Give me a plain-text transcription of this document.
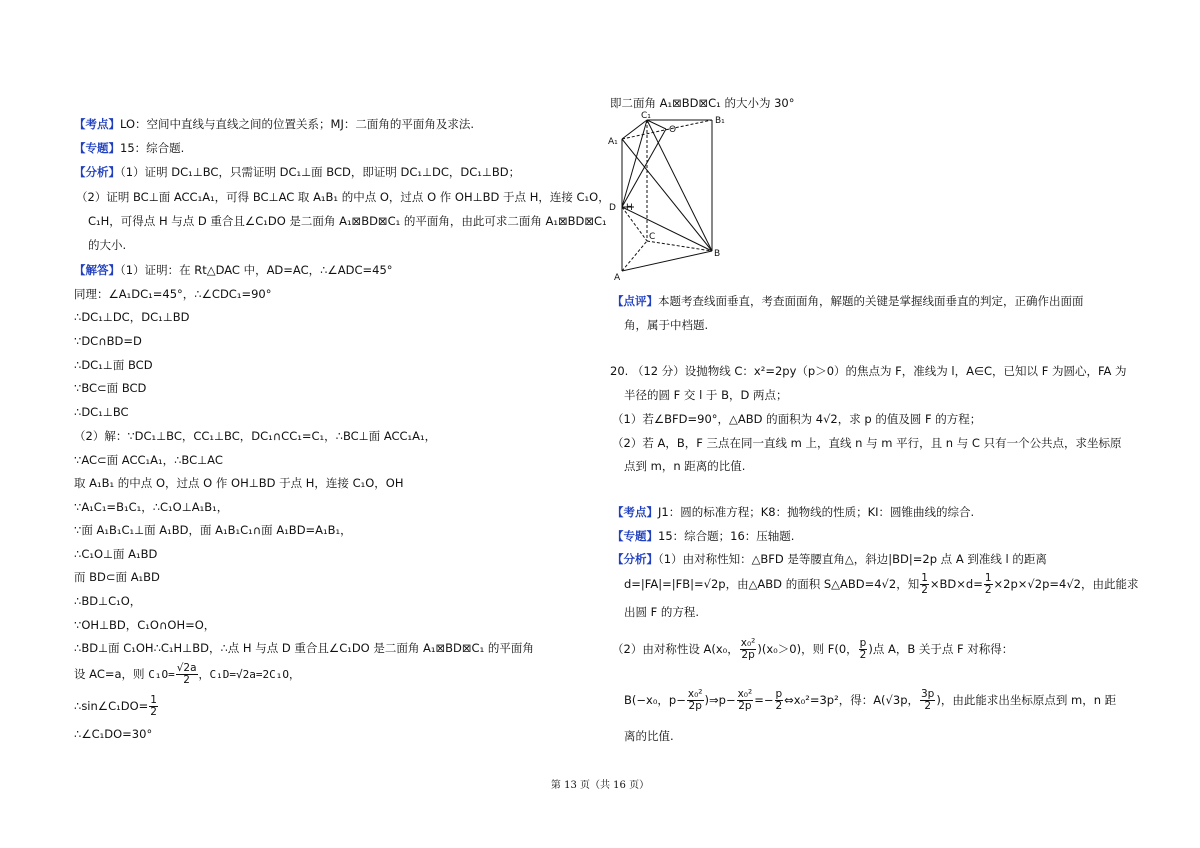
【考点】LO：空间中直线与直线之间的位置关系；MJ：二面角的平面角及求法.
【专题】15：综合题.
【分析】（1）证明 DC₁⊥BC，只需证明 DC₁⊥面 BCD，即证明 DC₁⊥DC，DC₁⊥BD；
（2）证明 BC⊥面 ACC₁A₁，可得 BC⊥AC 取 A₁B₁ 的中点 O，过点 O 作 OH⊥BD 于点 H，连接 C₁O，
C₁H，可得点 H 与点 D 重合且∠C₁DO 是二面角 A₁⊠BD⊠C₁ 的平面角，由此可求二面角 A₁⊠BD⊠C₁
的大小.
【解答】（1）证明：在 Rt△DAC 中，AD=AC，∴∠ADC=45°
同理：∠A₁DC₁=45°，∴∠CDC₁=90°
∴DC₁⊥DC，DC₁⊥BD
∵DC∩BD=D
∴DC₁⊥面 BCD
∵BC⊂面 BCD
∴DC₁⊥BC
（2）解：∵DC₁⊥BC，CC₁⊥BC，DC₁∩CC₁=C₁，∴BC⊥面 ACC₁A₁，
∵AC⊂面 ACC₁A₁，∴BC⊥AC
取 A₁B₁ 的中点 O，过点 O 作 OH⊥BD 于点 H，连接 C₁O，OH
∵A₁C₁=B₁C₁，∴C₁O⊥A₁B₁，
∵面 A₁B₁C₁⊥面 A₁BD，面 A₁B₁C₁∩面 A₁BD=A₁B₁，
∴C₁O⊥面 A₁BD
而 BD⊂面 A₁BD
∴BD⊥C₁O，
∵OH⊥BD，C₁O∩OH=O，
∴BD⊥面 C₁OH∴C₁H⊥BD，∴点 H 与点 D 重合且∠C₁DO 是二面角 A₁⊠BD⊠C₁ 的平面角
设 AC=a，则 $C_1O= \frac{√2a}{2}$ ，C₁D=√2a=2C₁O，
∴sin∠C₁DO= $\frac{1}{2}$
∴∠C₁DO=30°
即二面角 A₁⊠BD⊠C₁ 的大小为 30°
C₁	B₁
A₁
O
D H
C
B
A
【点评】本题考查线面垂直，考查面面角，解题的关键是掌握线面垂直的判定，正确作出面面
角，属于中档题.
20. （12 分）设抛物线 C：x²=2py（p＞0）的焦点为 F，准线为 l，A∈C，已知以 F 为圆心，FA 为
半径的圆 F 交 l 于 B，D 两点；
（1）若∠BFD=90°，△ABD 的面积为 4√2，求 p 的值及圆 F 的方程；
（2）若 A，B，F 三点在同一直线 m 上，直线 n 与 m 平行，且 n 与 C 只有一个公共点，求坐标原
点到 m，n 距离的比值.
【考点】J1：圆的标准方程；K8：抛物线的性质；KI：圆锥曲线的综合.
【专题】15：综合题；16：压轴题.
【分析】（1）由对称性知：△BFD 是等腰直角△，斜边|BD|=2p 点 A 到准线 l 的距离
d=|FA|=|FB|=√2p，由△ABD 的面积 S△ABD=4√2，知 $\frac{1}{2} \times BD\times d= \frac{1}{2} \times 2p\times√2p=4√2$，由此能求
出圆 F 的方程.
（2）由对称性设 A(x₀， $\frac{\text{x₀²}}{2p} )(x_0>0)$，则 F(0， $\frac{p}{2}$ )点 A，B 关于点 F 对称得：
B(−x₀，$p- \frac{\text{x₀²}}{2p}$ )⇒p− $\frac{\text{x₀²}}{2p} =- \frac{p}{2}$ ⇔x₀²=3p²，得：A(√3p， $\frac{3p}{2}$ )，由此能求出坐标原点到 m，n 距
离的比值.
第 13 页（共 16 页）
